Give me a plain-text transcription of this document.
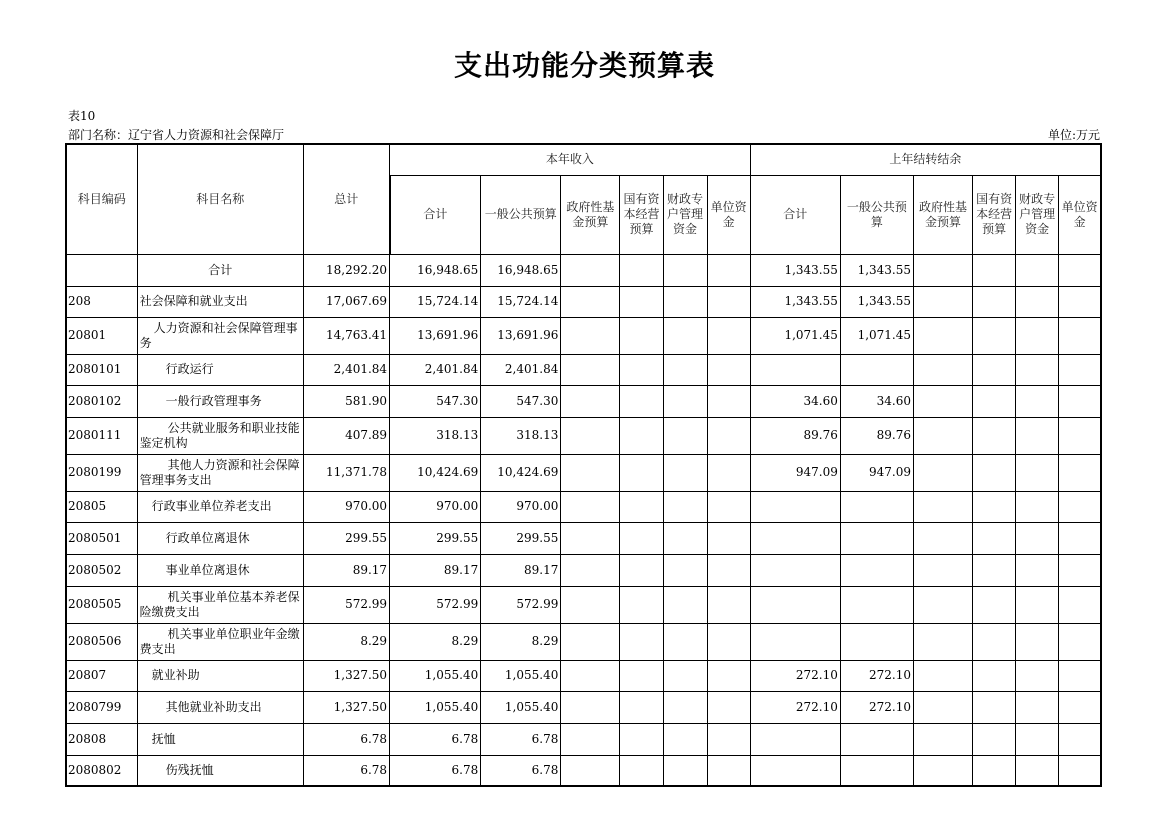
支出功能分类预算表
表10
部门名称：辽宁省人力资源和社会保障厅	单位:万元
科目编码	科目名称	总计	本年收入						上年结转结余					
			合计	一般公共预算	政府性基金预算	国有资本经营预算	财政专户管理资金	单位资金	合计	一般公共预算	政府性基金预算	国有资本经营预算	财政专户管理资金	单位资金
	合计	18,292.20	16,948.65	16,948.65					1,343.55	1,343.55				
208	社会保障和就业支出	17,067.69	15,724.14	15,724.14					1,343.55	1,343.55				
20801	人力资源和社会保障管理事务	14,763.41	13,691.96	13,691.96					1,071.45	1,071.45				
2080101	行政运行	2,401.84	2,401.84	2,401.84										
2080102	一般行政管理事务	581.90	547.30	547.30					34.60	34.60				
2080111	公共就业服务和职业技能鉴定机构	407.89	318.13	318.13					89.76	89.76				
2080199	其他人力资源和社会保障管理事务支出	11,371.78	10,424.69	10,424.69					947.09	947.09				
20805	行政事业单位养老支出	970.00	970.00	970.00										
2080501	行政单位离退休	299.55	299.55	299.55										
2080502	事业单位离退休	89.17	89.17	89.17										
2080505	机关事业单位基本养老保险缴费支出	572.99	572.99	572.99										
2080506	机关事业单位职业年金缴费支出	8.29	8.29	8.29										
20807	就业补助	1,327.50	1,055.40	1,055.40					272.10	272.10				
2080799	其他就业补助支出	1,327.50	1,055.40	1,055.40					272.10	272.10				
20808	抚恤	6.78	6.78	6.78										
2080802	伤残抚恤	6.78	6.78	6.78										
